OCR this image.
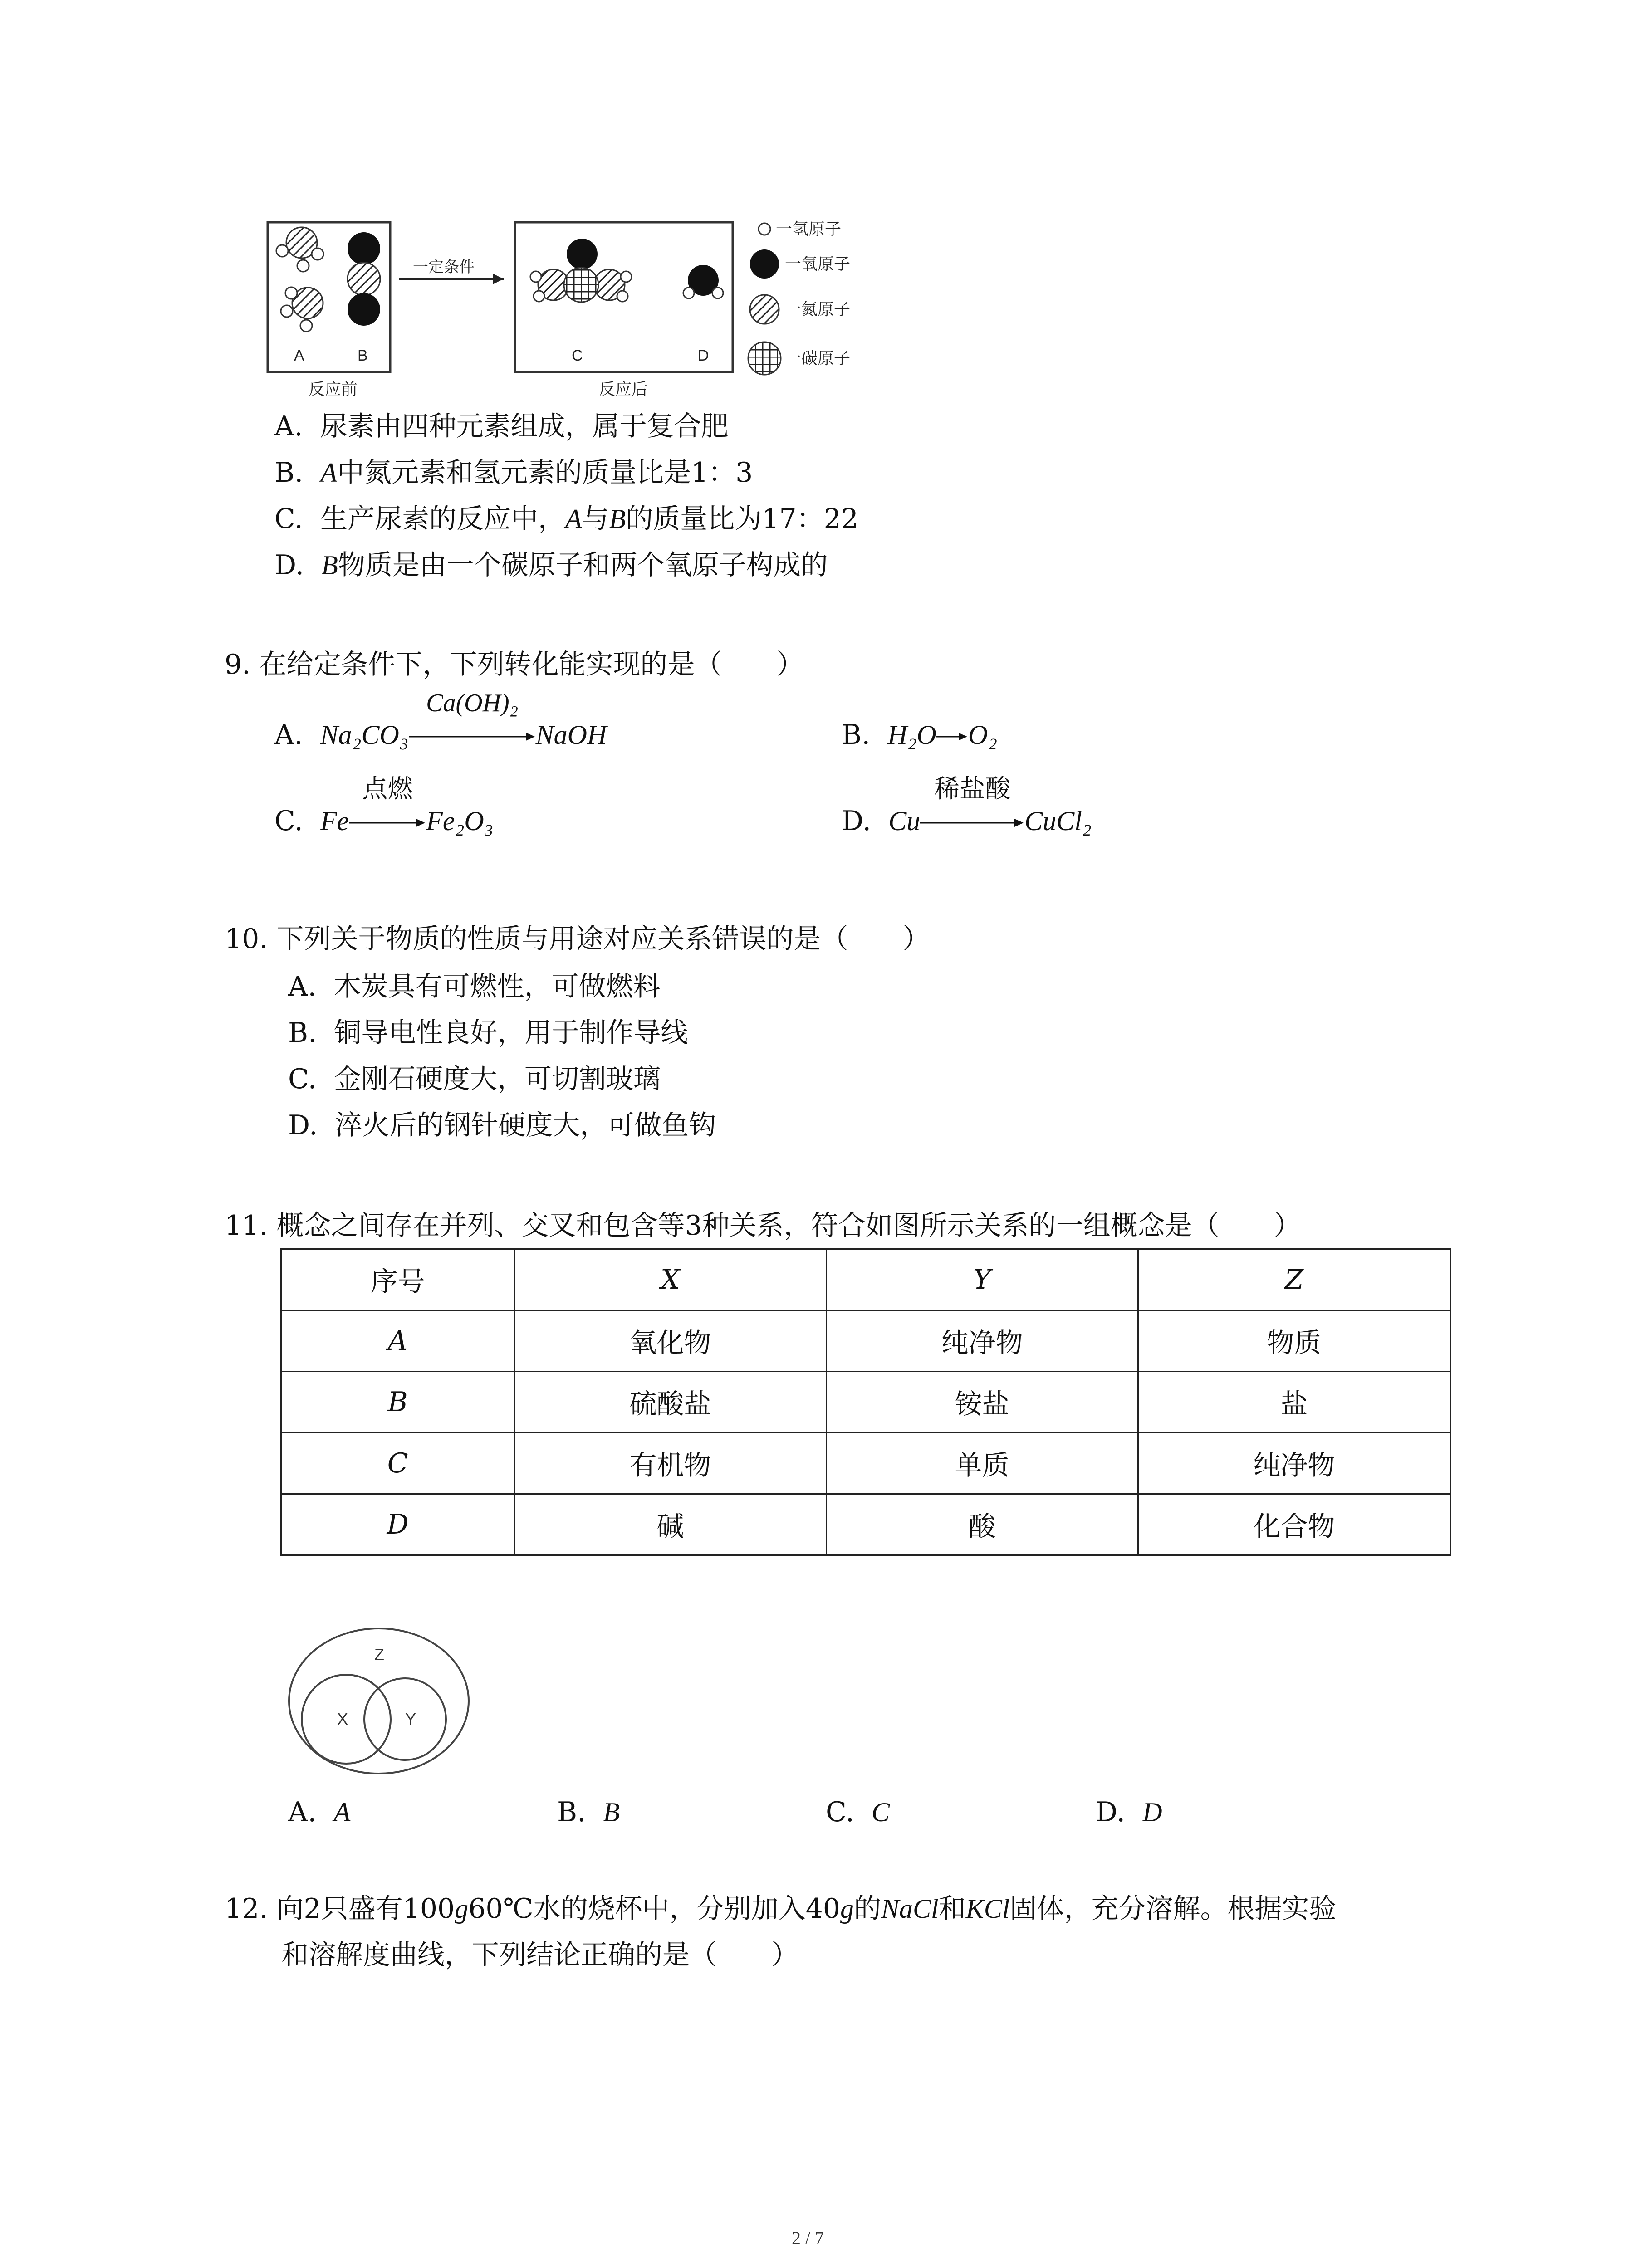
A	B
反应前
一定条件
C	D
反应后
一氢原子
一氧原子
一氮原子
一碳原子
A. 尿素由四种元素组成，属于复合肥
B. A中氮元素和氢元素的质量比是1：3
C. 生产尿素的反应中，A与B的质量比为17：22
D. B物质是由一个碳原子和两个氧原子构成的
9. 在给定条件下，下列转化能实现的是（　　）
A. Na₂CO₃
Ca(OH)₂
NaOH	B. H₂O O₂
C. Fe
点燃
Fe₂O₃	D. Cu
稀盐酸
CuCl₂
10. 下列关于物质的性质与用途对应关系错误的是（　　）
A. 木炭具有可燃性，可做燃料
B. 铜导电性良好，用于制作导线
C. 金刚石硬度大，可切割玻璃
D. 淬火后的钢针硬度大，可做鱼钩
11. 概念之间存在并列、交叉和包含等3种关系，符合如图所示关系的一组概念是（　　）
序号	X	Y	Z
A	氧化物	纯净物	物质
B	硫酸盐	铵盐	盐
C	有机物	单质	纯净物
D	碱	酸	化合物
Z
X	Y
A. A	B. B	C. C	D. D
12. 向2只盛有100g60℃水的烧杯中，分别加入40g的NaCl和KCl固体，充分溶解。根据实验
和溶解度曲线，下列结论正确的是（　　）
2 / 7
